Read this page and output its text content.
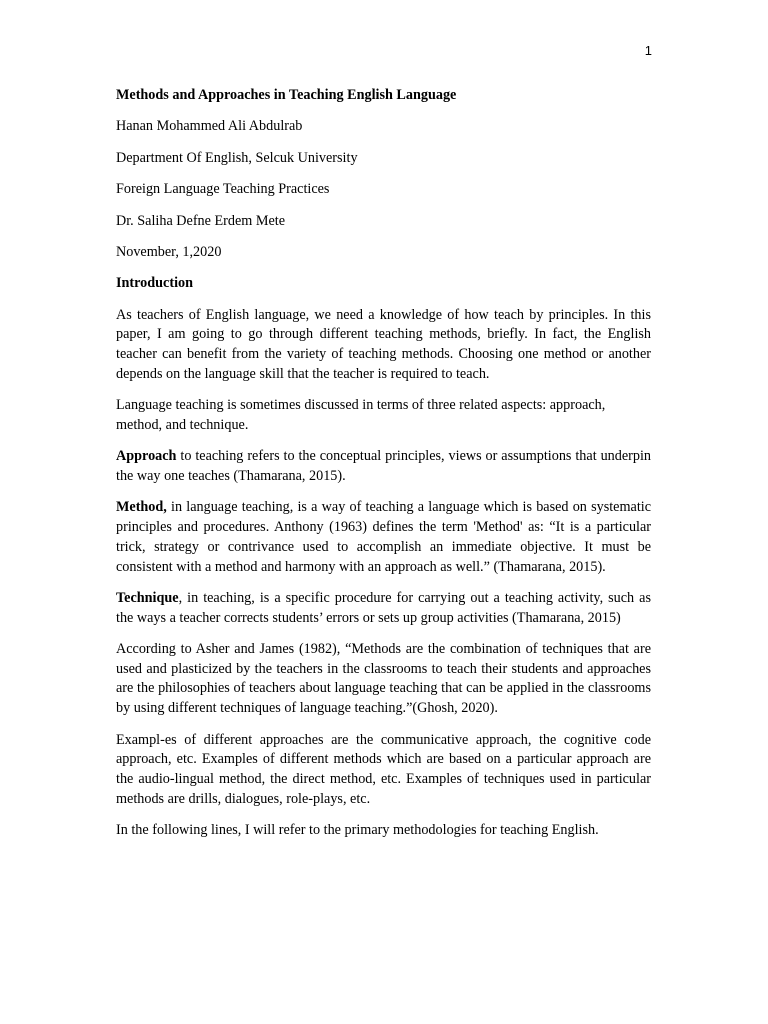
1

Methods and Approaches in Teaching English Language

Hanan Mohammed Ali Abdulrab

Department Of English, Selcuk University

Foreign Language Teaching Practices

Dr. Saliha Defne Erdem Mete

November, 1,2020

Introduction

As teachers of English language, we need a knowledge of how teach by principles. In this paper, I am going to go through different teaching methods, briefly. In fact, the English teacher can benefit from the variety of teaching methods. Choosing one method or another depends on the language skill that the teacher is required to teach.

Language teaching is sometimes discussed in terms of three related aspects: approach, method, and technique.

Approach to teaching refers to the conceptual principles, views or assumptions that underpin the way one teaches (Thamarana, 2015).

Method, in language teaching, is a way of teaching a language which is based on systematic principles and procedures. Anthony (1963) defines the term 'Method' as: “It is a particular trick, strategy or contrivance used to accomplish an immediate objective. It must be consistent with a method and harmony with an approach as well.” (Thamarana, 2015).

Technique, in teaching, is a specific procedure for carrying out a teaching activity, such as the ways a teacher corrects students’ errors or sets up group activities (Thamarana, 2015)

According to Asher and James (1982), “Methods are the combination of techniques that are used and plasticized by the teachers in the classrooms to teach their students and approaches are the philosophies of teachers about language teaching that can be applied in the classrooms by using different techniques of language teaching.”(Ghosh, 2020).

Exampl-es of different approaches are the communicative approach, the cognitive code approach, etc. Examples of different methods which are based on a particular approach are the audio-lingual method, the direct method, etc. Examples of techniques used in particular methods are drills, dialogues, role-plays, etc.

In the following lines, I will refer to the primary methodologies for teaching English.
